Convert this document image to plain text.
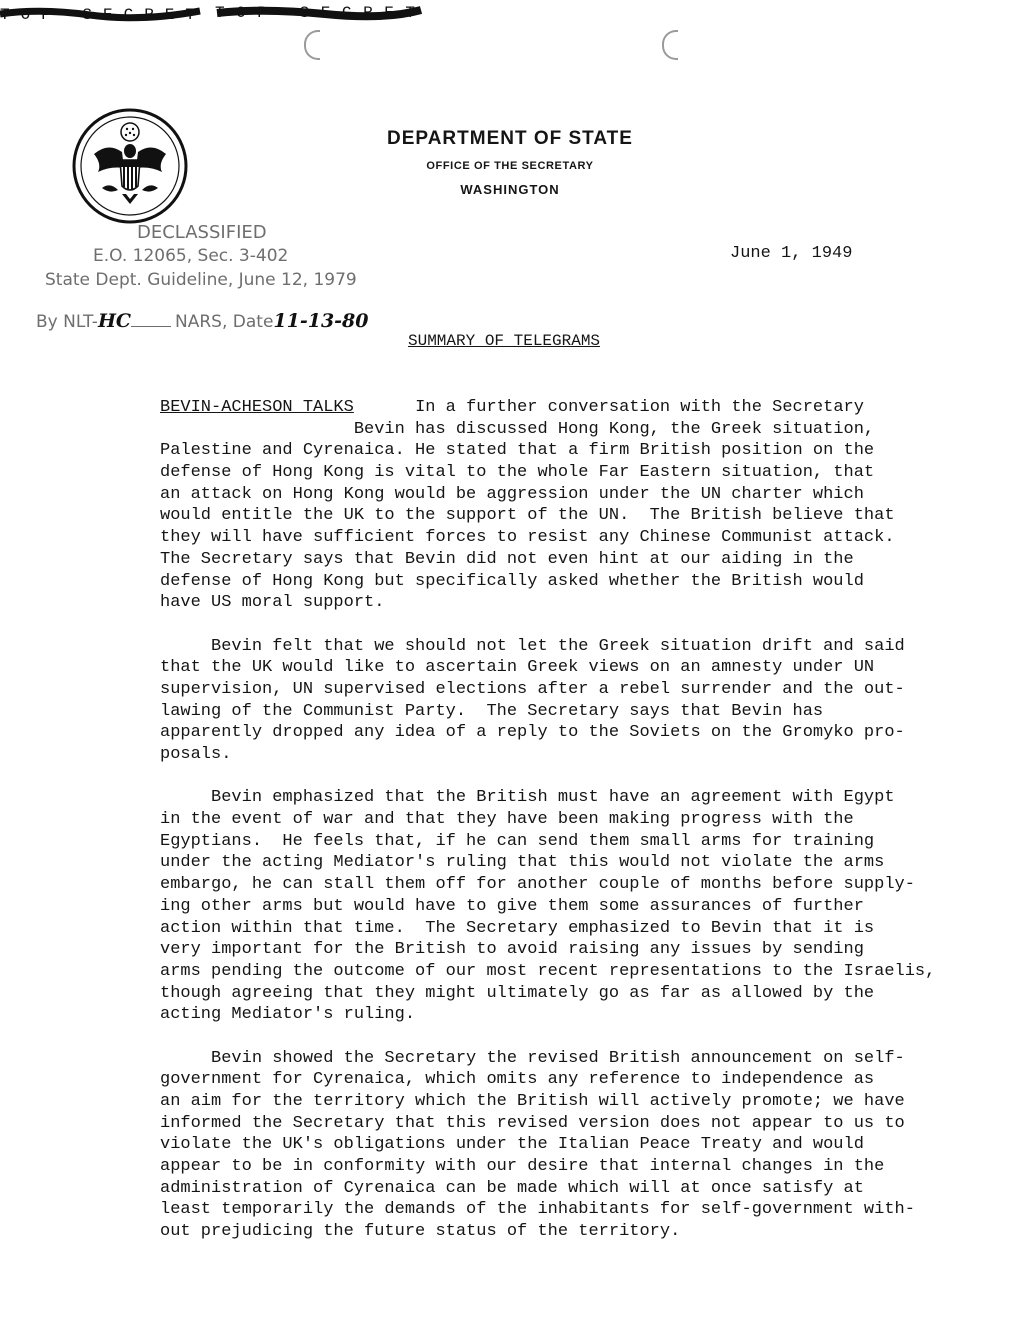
DEPARTMENT OF STATE
OFFICE OF THE SECRETARY
WASHINGTON
DECLASSIFIED
E.O. 12065, Sec. 3-402
State Dept. Guideline, June 12, 1979
By NLT-HC	NARS, Date11-13-80
June 1, 1949
TOP SECRET

SUMMARY OF TELEGRAMS
BEVIN-ACHESON TALKS	In a further conversation with the Secretary
Bevin has discussed Hong Kong, the Greek situation,
Palestine and Cyrenaica. He stated that a firm British position on the
defense of Hong Kong is vital to the whole Far Eastern situation, that
an attack on Hong Kong would be aggression under the UN charter which
would entitle the UK to the support of the UN.  The British believe that
they will have sufficient forces to resist any Chinese Communist attack.
The Secretary says that Bevin did not even hint at our aiding in the
defense of Hong Kong but specifically asked whether the British would
have US moral support.
Bevin felt that we should not let the Greek situation drift and said
that the UK would like to ascertain Greek views on an amnesty under UN
supervision, UN supervised elections after a rebel surrender and the out-
lawing of the Communist Party.  The Secretary says that Bevin has
apparently dropped any idea of a reply to the Soviets on the Gromyko pro-
posals.
Bevin emphasized that the British must have an agreement with Egypt
in the event of war and that they have been making progress with the
Egyptians.  He feels that, if he can send them small arms for training
under the acting Mediator's ruling that this would not violate the arms
embargo, he can stall them off for another couple of months before supply-
ing other arms but would have to give them some assurances of further
action within that time.  The Secretary emphasized to Bevin that it is
very important for the British to avoid raising any issues by sending
arms pending the outcome of our most recent representations to the Israelis,
though agreeing that they might ultimately go as far as allowed by the
acting Mediator's ruling.
Bevin showed the Secretary the revised British announcement on self-
government for Cyrenaica, which omits any reference to independence as
an aim for the territory which the British will actively promote; we have
informed the Secretary that this revised version does not appear to us to
violate the UK's obligations under the Italian Peace Treaty and would
appear to be in conformity with our desire that internal changes in the
administration of Cyrenaica can be made which will at once satisfy at
least temporarily the demands of the inhabitants for self-government with-
out prejudicing the future status of the territory.
TOP SECRET
